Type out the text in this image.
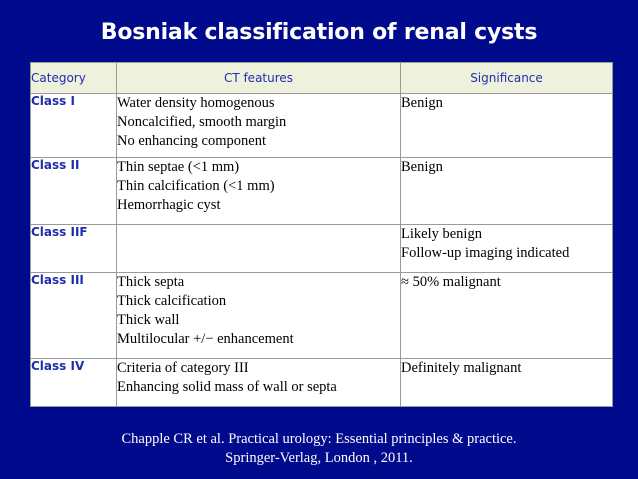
Bosniak classification of renal cysts
Category	CT features	Significance
Class I	Water density homogenous
Noncalcified, smooth margin
No enhancing component	Benign

Class II	Thin septae (<1 mm)
Thin calcification (<1 mm)
Hemorrhagic cyst	Benign

Class IIF		Likely benign
Follow-up imaging indicated

Class III	Thick septa
Thick calcification
Thick wall
Multilocular +/− enhancement	≈ 50% malignant

Class IV	Criteria of category III
Enhancing solid mass of wall or septa	Definitely malignant
Chapple CR et al. Practical urology: Essential principles & practice.
Springer-Verlag, London , 2011.
